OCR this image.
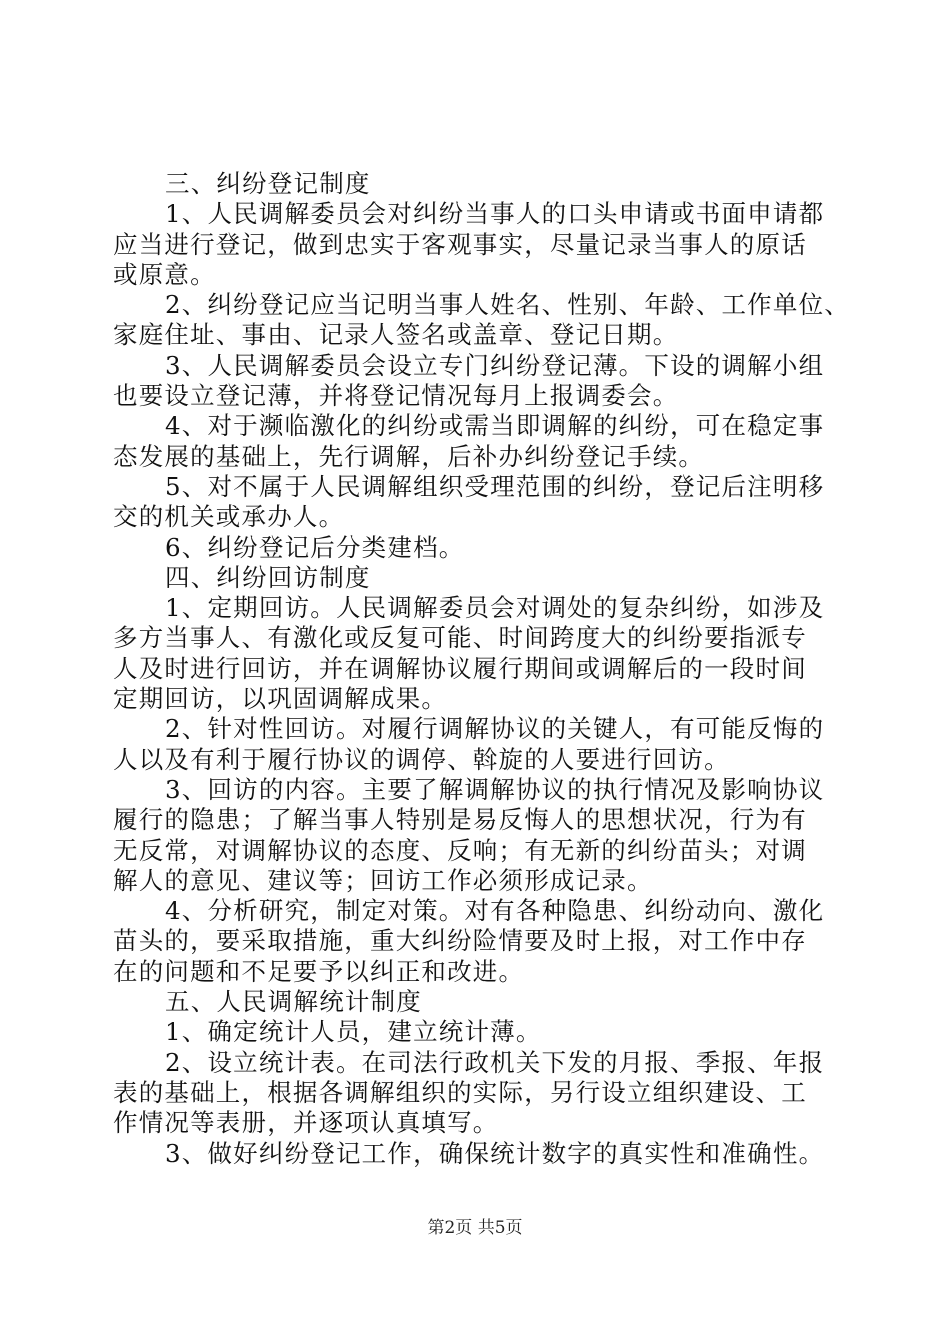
三、纠纷登记制度
1、人民调解委员会对纠纷当事人的口头申请或书面申请都
应当进行登记，做到忠实于客观事实，尽量记录当事人的原话
或原意。
2、纠纷登记应当记明当事人姓名、性别、年龄、工作单位、
家庭住址、事由、记录人签名或盖章、登记日期。
3、人民调解委员会设立专门纠纷登记薄。下设的调解小组
也要设立登记薄，并将登记情况每月上报调委会。
4、对于濒临激化的纠纷或需当即调解的纠纷，可在稳定事
态发展的基础上，先行调解，后补办纠纷登记手续。
5、对不属于人民调解组织受理范围的纠纷，登记后注明移
交的机关或承办人。
6、纠纷登记后分类建档。
四、纠纷回访制度
1、定期回访。人民调解委员会对调处的复杂纠纷，如涉及
多方当事人、有激化或反复可能、时间跨度大的纠纷要指派专
人及时进行回访，并在调解协议履行期间或调解后的一段时间
定期回访，以巩固调解成果。
2、针对性回访。对履行调解协议的关键人，有可能反悔的
人以及有利于履行协议的调停、斡旋的人要进行回访。
3、回访的内容。主要了解调解协议的执行情况及影响协议
履行的隐患；了解当事人特别是易反悔人的思想状况，行为有
无反常，对调解协议的态度、反响；有无新的纠纷苗头；对调
解人的意见、建议等；回访工作必须形成记录。
4、分析研究，制定对策。对有各种隐患、纠纷动向、激化
苗头的，要采取措施，重大纠纷险情要及时上报，对工作中存
在的问题和不足要予以纠正和改进。
五、人民调解统计制度
1、确定统计人员，建立统计薄。
2、设立统计表。在司法行政机关下发的月报、季报、年报
表的基础上，根据各调解组织的实际，另行设立组织建设、工
作情况等表册，并逐项认真填写。
3、做好纠纷登记工作，确保统计数字的真实性和准确性。
第2页 共5页
